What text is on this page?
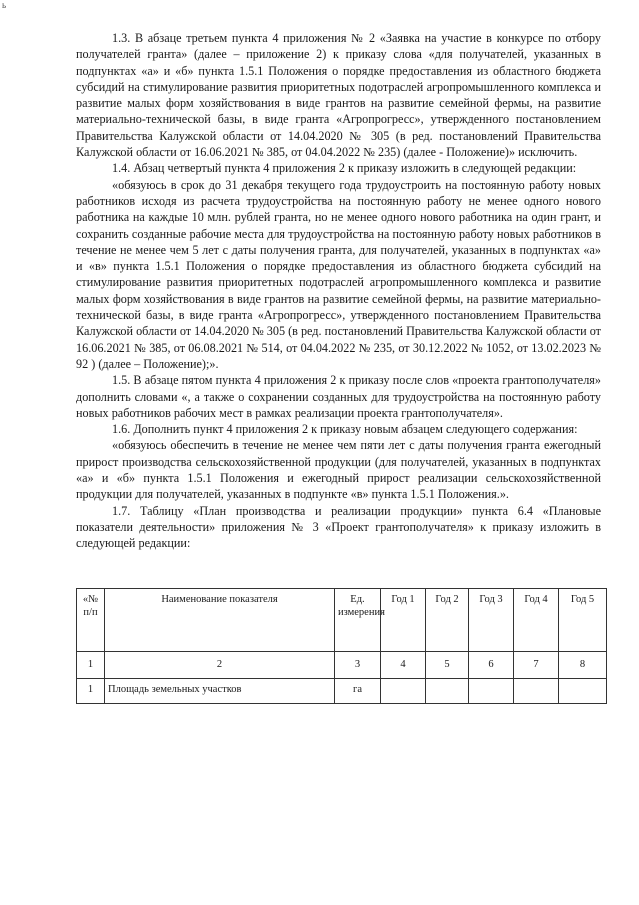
ь

1.3. В абзаце третьем пункта 4 приложения № 2 «Заявка на участие в конкурсе по отбору получателей гранта» (далее – приложение 2) к приказу слова «для получателей, указанных в подпунктах «а» и «б» пункта 1.5.1 Положения о порядке предоставления из областного бюджета субсидий на стимулирование развития приоритетных подотраслей агропромышленного комплекса и развитие малых форм хозяйствования в виде грантов на развитие семейной фермы, на развитие материально-технической базы, в виде гранта «Агропрогресс», утвержденного постановлением Правительства Калужской области от 14.04.2020 № 305 (в ред. постановлений Правительства Калужской области от 16.06.2021 № 385, от 04.04.2022 № 235) (далее - Положение)» исключить.

1.4. Абзац четвертый пункта 4 приложения 2 к приказу изложить в следующей редакции:

«обязуюсь в срок до 31 декабря текущего года трудоустроить на постоянную работу новых работников исходя из расчета трудоустройства на постоянную работу не менее одного нового работника на каждые 10 млн. рублей гранта, но не менее одного нового работника на один грант, и сохранить созданные рабочие места для трудоустройства на постоянную работу новых работников в течение не менее чем 5 лет с даты получения гранта, для получателей, указанных в подпунктах «а» и «в» пункта 1.5.1 Положения о порядке предоставления из областного бюджета субсидий на стимулирование развития приоритетных подотраслей агропромышленного комплекса и развитие малых форм хозяйствования в виде грантов на развитие семейной фермы, на развитие материально-технической базы, в виде гранта «Агропрогресс», утвержденного постановлением Правительства Калужской области от 14.04.2020 № 305 (в ред. постановлений Правительства Калужской области от 16.06.2021 № 385, от 06.08.2021 № 514, от 04.04.2022 № 235, от 30.12.2022 № 1052, от 13.02.2023 № 92 ) (далее – Положение);».

1.5. В абзаце пятом пункта 4 приложения 2 к приказу после слов «проекта грантополучателя» дополнить словами «, а также о сохранении созданных для трудоустройства на постоянную работу новых работников рабочих мест в рамках реализации проекта грантополучателя».

1.6. Дополнить пункт 4 приложения 2 к приказу новым абзацем следующего содержания:

«обязуюсь обеспечить в течение не менее чем пяти лет с даты получения гранта ежегодный прирост производства сельскохозяйственной продукции (для получателей, указанных в подпунктах «а» и «б» пункта 1.5.1 Положения и ежегодный прирост реализации сельскохозяйственной продукции для получателей, указанных в подпункте «в» пункта 1.5.1 Положения.».

1.7. Таблицу «План производства и реализации продукции» пункта 6.4 «Плановые показатели деятельности» приложения № 3 «Проект грантополучателя» к приказу изложить в следующей редакции:

«№ п/п	Наименование показателя	Ед. измерения	Год 1	Год 2	Год 3	Год 4	Год 5
1	2	3	4	5	6	7	8
1	Площадь земельных участков	га					
